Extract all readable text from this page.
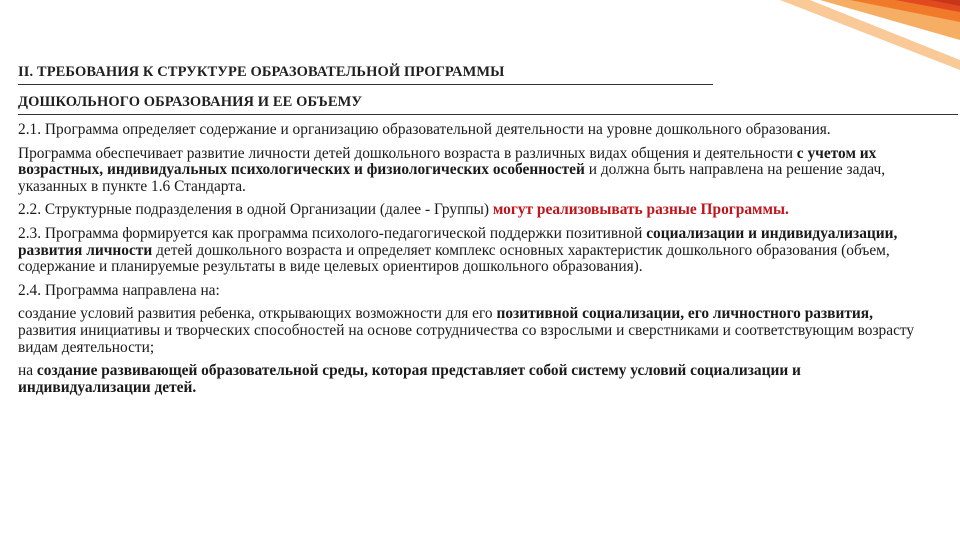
II. ТРЕБОВАНИЯ К СТРУКТУРЕ ОБРАЗОВАТЕЛЬНОЙ ПРОГРАММЫ
ДОШКОЛЬНОГО ОБРАЗОВАНИЯ И ЕЕ ОБЪЕМУ

2.1. Программа определяет содержание и организацию образовательной деятельности на уровне дошкольного образования.

Программа обеспечивает развитие личности детей дошкольного возраста в различных видах общения и деятельности с учетом их возрастных, индивидуальных психологических и физиологических особенностей и должна быть направлена на решение задач, указанных в пункте 1.6 Стандарта.

2.2. Структурные подразделения в одной Организации (далее - Группы) могут реализовывать разные Программы.

2.3. Программа формируется как программа психолого-педагогической поддержки позитивной социализации и индивидуализации, развития личности детей дошкольного возраста и определяет комплекс основных характеристик дошкольного образования (объем, содержание и планируемые результаты в виде целевых ориентиров дошкольного образования).

2.4. Программа направлена на:

создание условий развития ребенка, открывающих возможности для его позитивной социализации, его личностного развития, развития инициативы и творческих способностей на основе сотрудничества со взрослыми и сверстниками и соответствующим возрасту видам деятельности;

на создание развивающей образовательной среды, которая представляет собой систему условий социализации и индивидуализации детей.
